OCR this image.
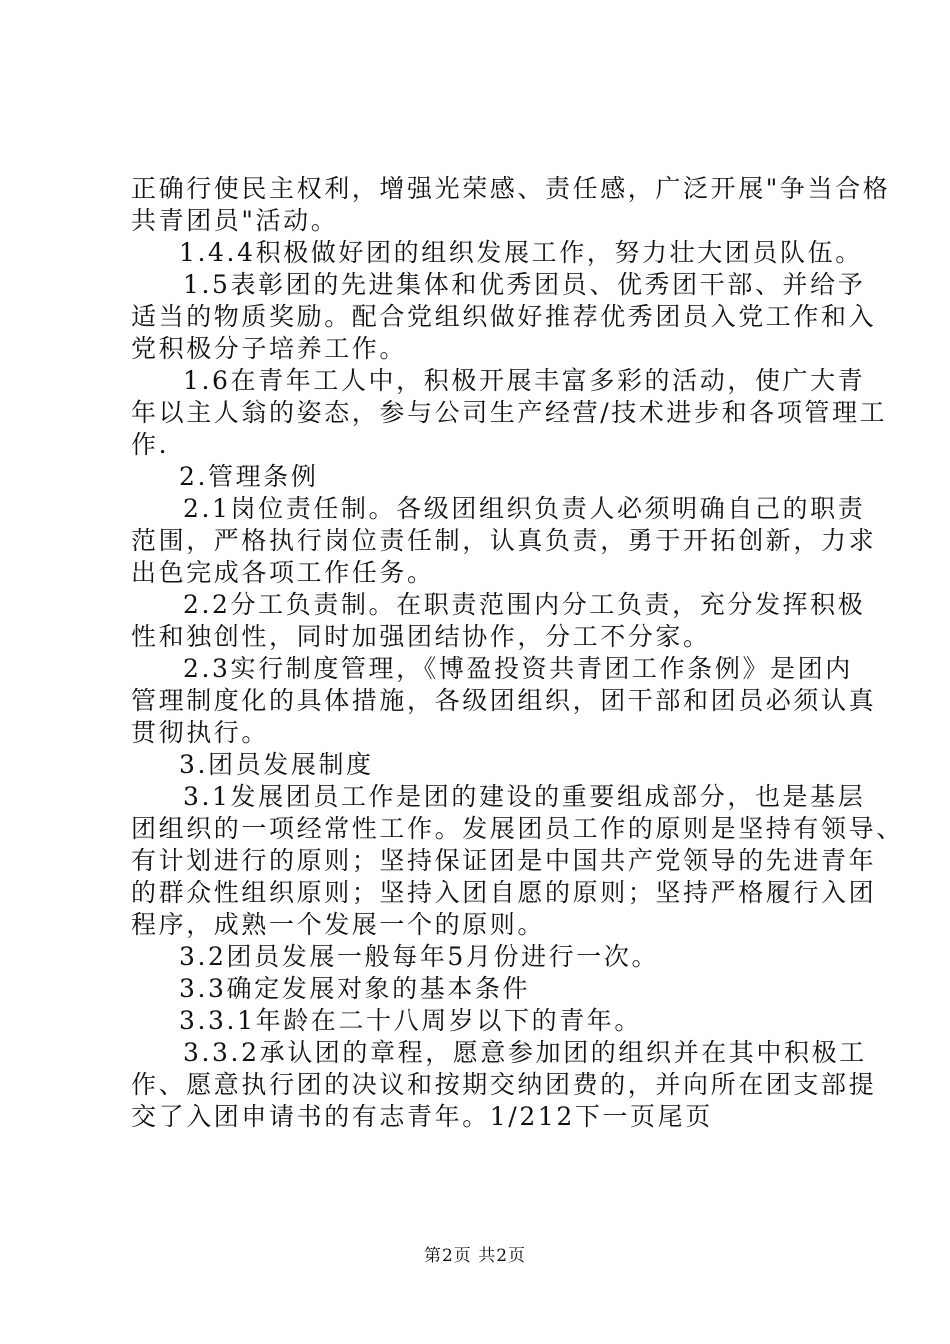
正确行使民主权利，增强光荣感、责任感，广泛开展"争当合格
共青团员"活动。
1.4.4积极做好团的组织发展工作，努力壮大团员队伍。
1.5表彰团的先进集体和优秀团员、优秀团干部、并给予
适当的物质奖励。配合党组织做好推荐优秀团员入党工作和入
党积极分子培养工作。
1.6在青年工人中，积极开展丰富多彩的活动，使广大青
年以主人翁的姿态，参与公司生产经营/技术进步和各项管理工
作.
2.管理条例
2.1岗位责任制。各级团组织负责人必须明确自己的职责
范围，严格执行岗位责任制，认真负责，勇于开拓创新，力求
出色完成各项工作任务。
2.2分工负责制。在职责范围内分工负责，充分发挥积极
性和独创性，同时加强团结协作，分工不分家。
2.3实行制度管理，《博盈投资共青团工作条例》是团内
管理制度化的具体措施，各级团组织，团干部和团员必须认真
贯彻执行。
3.团员发展制度
3.1发展团员工作是团的建设的重要组成部分，也是基层
团组织的一项经常性工作。发展团员工作的原则是坚持有领导、
有计划进行的原则；坚持保证团是中国共产党领导的先进青年
的群众性组织原则；坚持入团自愿的原则；坚持严格履行入团
程序，成熟一个发展一个的原则。
3.2团员发展一般每年5月份进行一次。
3.3确定发展对象的基本条件
3.3.1年龄在二十八周岁以下的青年。
3.3.2承认团的章程，愿意参加团的组织并在其中积极工
作、愿意执行团的决议和按期交纳团费的，并向所在团支部提
交了入团申请书的有志青年。1/212下一页尾页
第2页 共2页
